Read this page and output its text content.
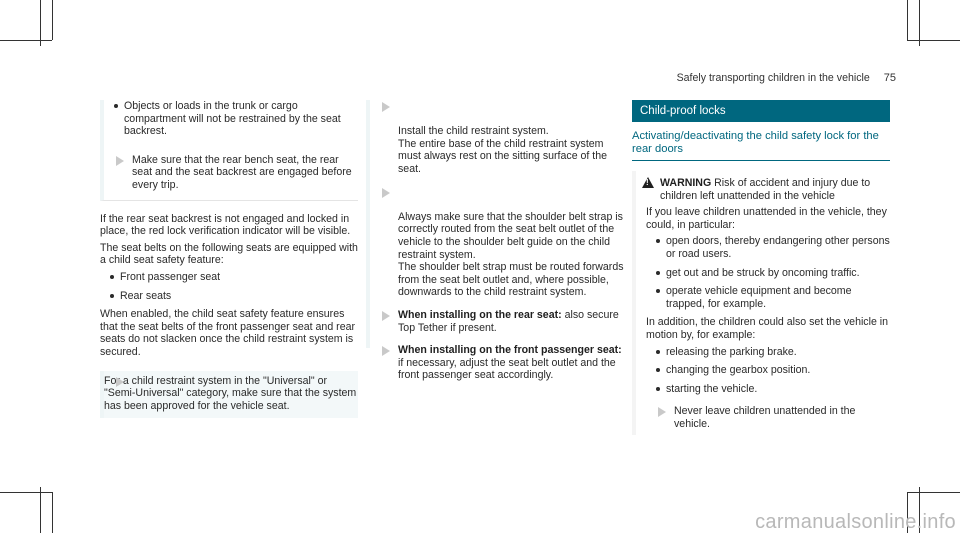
Safely transporting children in the vehicle 75
Objects or loads in the trunk or cargo compartment will not be restrained by the seat backrest.
Make sure that the rear bench seat, the rear seat and the seat backrest are engaged before every trip.

If the rear seat backrest is not engaged and locked in place, the red lock verification indicator will be visible.

The seat belts on the following seats are equipped with a child seat safety feature:

Front passenger seat
Rear seats

When enabled, the child seat safety feature ensures that the seat belts of the front passenger seat and rear seats do not slacken once the child restraint system is secured.

For a child restraint system in the "Universal" or "Semi-Universal" category, make sure that the system has been approved for the vehicle seat.

Install the child restraint system.
The entire base of the child restraint system must always rest on the sitting surface of the seat.

Always make sure that the shoulder belt strap is correctly routed from the seat belt outlet of the vehicle to the shoulder belt guide on the child restraint system.
The shoulder belt strap must be routed forwards from the seat belt outlet and, where possible, downwards to the child restraint system.

When installing on the rear seat: also secure Top Tether if present.
When installing on the front passenger seat: if necessary, adjust the seat belt outlet and the front passenger seat accordingly.
Child-proof locks
Activating/deactivating the child safety lock for the rear doors
! WARNING Risk of accident and injury due to children left unattended in the vehicle

If you leave children unattended in the vehicle, they could, in particular:

open doors, thereby endangering other persons or road users.
get out and be struck by oncoming traffic.
operate vehicle equipment and become trapped, for example.

In addition, the children could also set the vehicle in motion by, for example:

releasing the parking brake.
changing the gearbox position.
starting the vehicle.
Never leave children unattended in the vehicle.
carmanualsonline.info
